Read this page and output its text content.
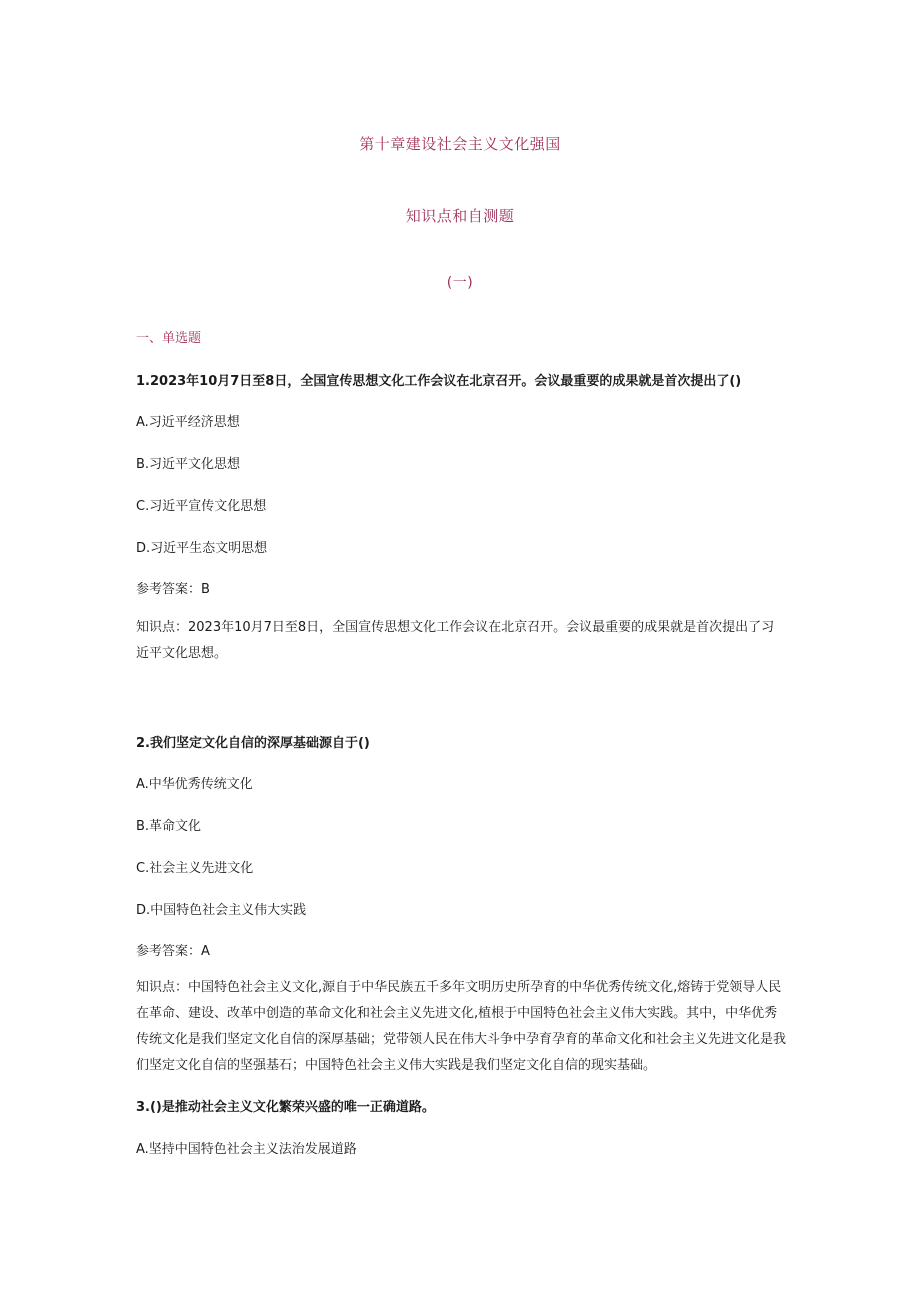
第十章建设社会主义文化强国
知识点和自测题
(一)
一、单选题
1.2023年10月7日至8日，全国宣传思想文化工作会议在北京召开。会议最重要的成果就是首次提出了()
A.习近平经济思想
B.习近平文化思想
C.习近平宣传文化思想
D.习近平生态文明思想
参考答案：B
知识点：2023年10月7日至8日，全国宣传思想文化工作会议在北京召开。会议最重要的成果就是首次提出了习近平文化思想。
2.我们坚定文化自信的深厚基础源自于()
A.中华优秀传统文化
B.革命文化
C.社会主义先进文化
D.中国特色社会主义伟大实践
参考答案：A
知识点：中国特色社会主义文化,源自于中华民族五千多年文明历史所孕育的中华优秀传统文化,熔铸于党领导人民在革命、建设、改革中创造的革命文化和社会主义先进文化,植根于中国特色社会主义伟大实践。其中，中华优秀传统文化是我们坚定文化自信的深厚基础；党带领人民在伟大斗争中孕育孕育的革命文化和社会主义先进文化是我们坚定文化自信的坚强基石；中国特色社会主义伟大实践是我们坚定文化自信的现实基础。
3.()是推动社会主义文化繁荣兴盛的唯一正确道路。
A.坚持中国特色社会主义法治发展道路
